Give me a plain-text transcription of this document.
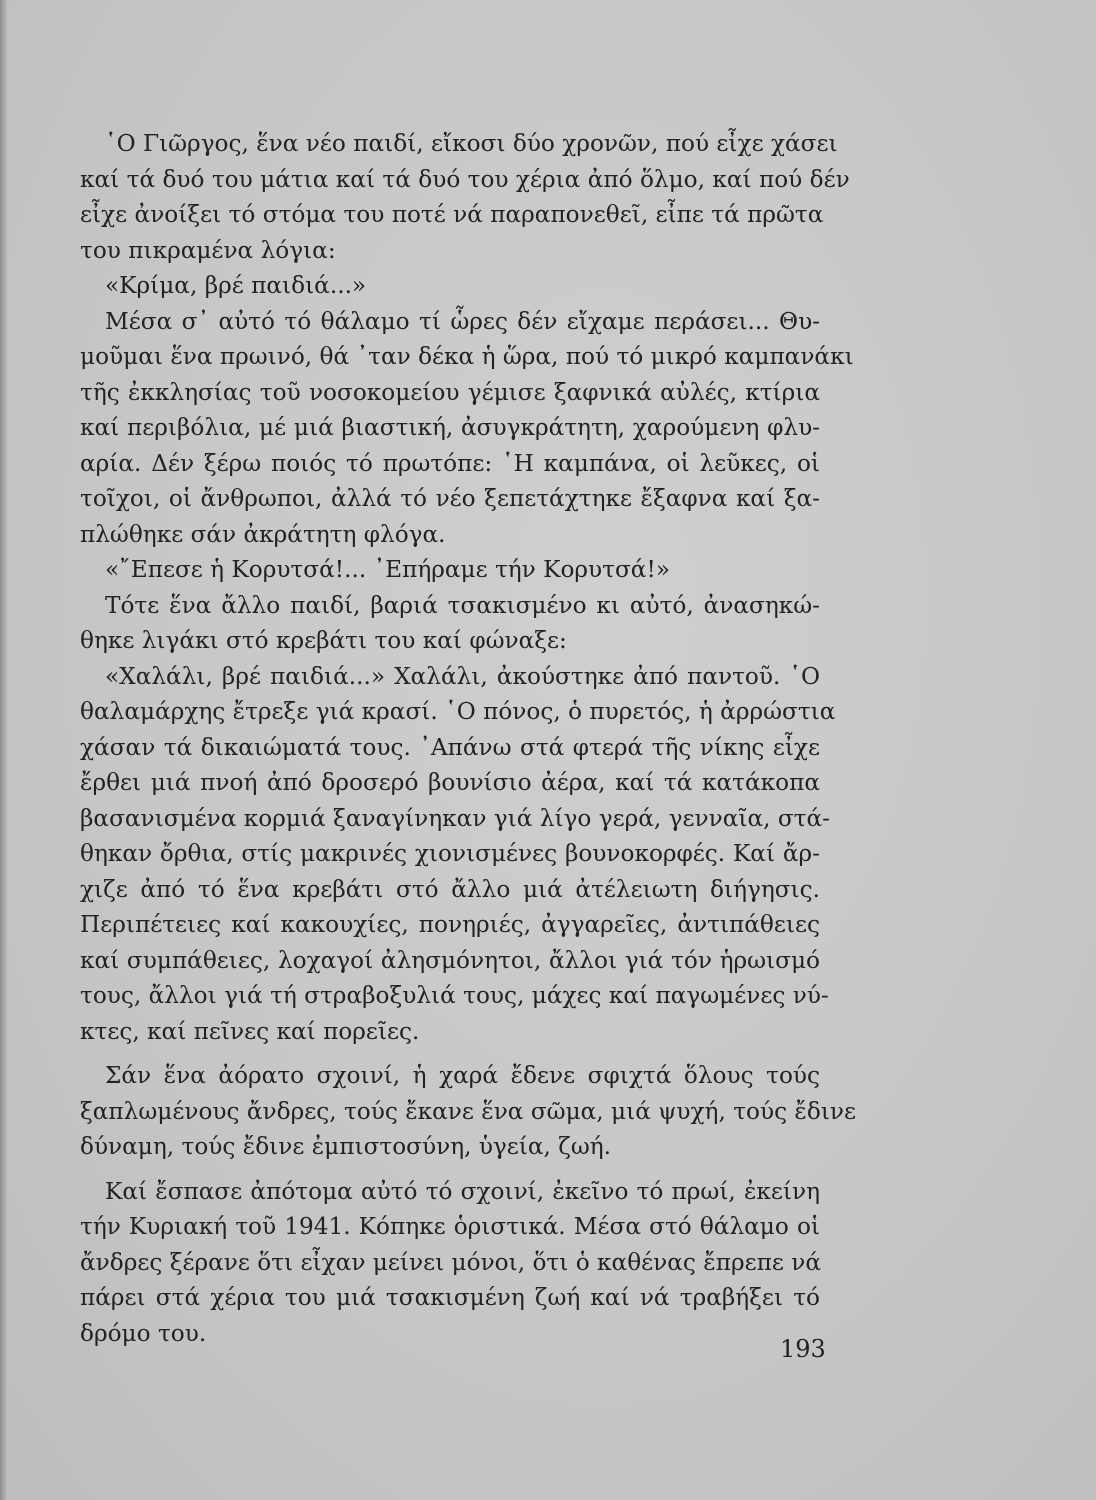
῾Ο Γιῶργος, ἕνα νέο παιδί, εἴκοσι δύο χρονῶν, πού εἶχε χάσει
καί τά δυό του μάτια καί τά δυό του χέρια ἀπό ὅλμο, καί πού δέν
εἶχε ἀνοίξει τό στόμα του ποτέ νά παραπονεθεῖ, εἶπε τά πρῶτα
του πικραμένα λόγια:
«Κρίμα, βρέ παιδιά...»
Μέσα σ᾿ αὐτό τό θάλαμο τί ὧρες δέν εἴχαμε περάσει... Θυ-
μοῦμαι ἕνα πρωινό, θά ᾿ταν δέκα ἡ ὥρα, πού τό μικρό καμπανάκι
τῆς ἐκκλησίας τοῦ νοσοκομείου γέμισε ξαφνικά αὐλές, κτίρια
καί περιβόλια, μέ μιά βιαστική, ἀσυγκράτητη, χαρούμενη φλυ-
αρία. Δέν ξέρω ποιός τό πρωτόπε: ῾Η καμπάνα, οἱ λεῦκες, οἱ
τοῖχοι, οἱ ἄνθρωποι, ἀλλά τό νέο ξεπετάχτηκε ἔξαφνα καί ξα-
πλώθηκε σάν ἀκράτητη φλόγα.
«῎Επεσε ἡ Κορυτσά!... ᾿Επήραμε τήν Κορυτσά!»
Τότε ἕνα ἄλλο παιδί, βαριά τσακισμένο κι αὐτό, ἀνασηκώ-
θηκε λιγάκι στό κρεβάτι του καί φώναξε:
«Χαλάλι, βρέ παιδιά...» Χαλάλι, ἀκούστηκε ἀπό παντοῦ. ῾Ο
θαλαμάρχης ἔτρεξε γιά κρασί. ῾Ο πόνος, ὁ πυρετός, ἡ ἀρρώστια
χάσαν τά δικαιώματά τους. ᾿Απάνω στά φτερά τῆς νίκης εἶχε
ἔρθει μιά πνοή ἀπό δροσερό βουνίσιο ἀέρα, καί τά κατάκοπα
βασανισμένα κορμιά ξαναγίνηκαν γιά λίγο γερά, γενναῖα, στά-
θηκαν ὄρθια, στίς μακρινές χιονισμένες βουνοκορφές. Καί ἄρ-
χιζε ἀπό τό ἕνα κρεβάτι στό ἄλλο μιά ἀτέλειωτη διήγησις.
Περιπέτειες καί κακουχίες, πονηριές, ἀγγαρεῖες, ἀντιπάθειες
καί συμπάθειες, λοχαγοί ἀλησμόνητοι, ἄλλοι γιά τόν ἡρωισμό
τους, ἄλλοι γιά τή στραβοξυλιά τους, μάχες καί παγωμένες νύ-
κτες, καί πεῖνες καί πορεῖες.
Σάν ἕνα ἀόρατο σχοινί, ἡ χαρά ἔδενε σφιχτά ὅλους τούς
ξαπλωμένους ἄνδρες, τούς ἔκανε ἕνα σῶμα, μιά ψυχή, τούς ἔδινε
δύναμη, τούς ἔδινε ἐμπιστοσύνη, ὑγεία, ζωή.
Καί ἔσπασε ἀπότομα αὐτό τό σχοινί, ἐκεῖνο τό πρωί, ἐκείνη
τήν Κυριακή τοῦ 1941. Κόπηκε ὁριστικά. Μέσα στό θάλαμο οἱ
ἄνδρες ξέρανε ὅτι εἶχαν μείνει μόνοι, ὅτι ὁ καθένας ἔπρεπε νά
πάρει στά χέρια του μιά τσακισμένη ζωή καί νά τραβήξει τό
δρόμο του.
193
